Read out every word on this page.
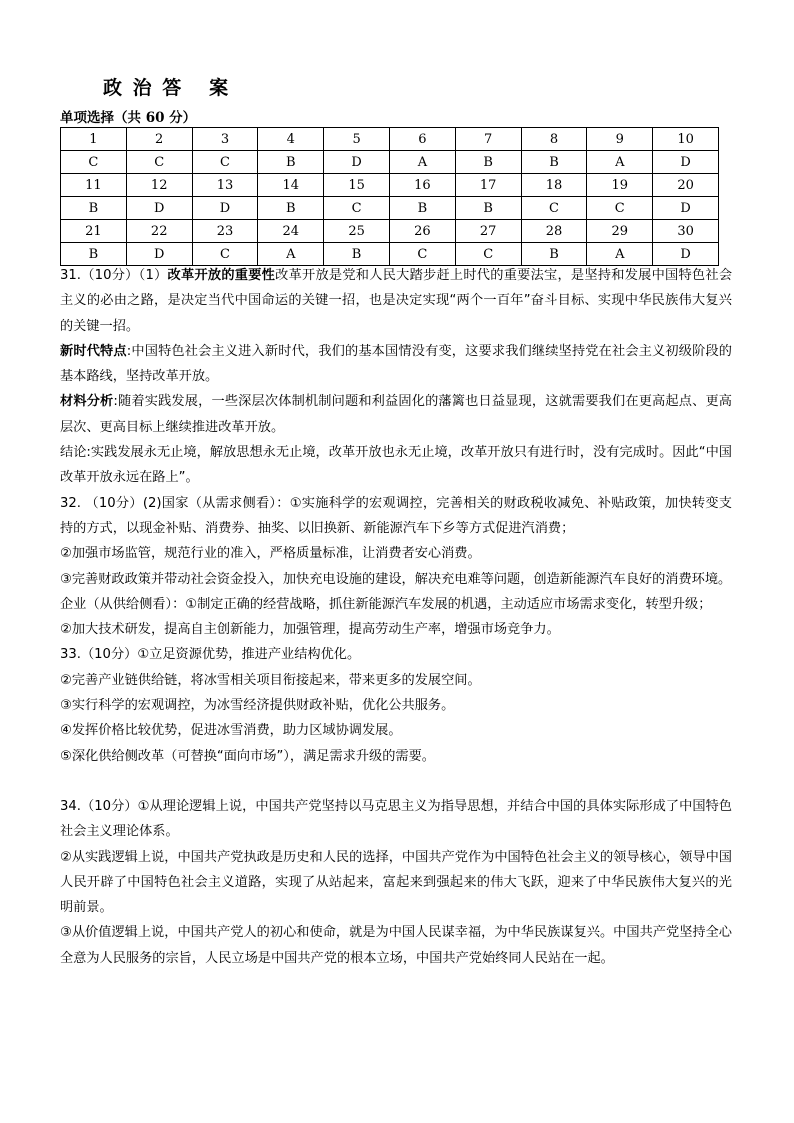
政 治 答   案
单项选择（共 60 分）
1	2	3	4	5	6	7	8	9	10
C	C	C	B	D	A	B	B	A	D
11	12	13	14	15	16	17	18	19	20
B	D	D	B	C	B	B	C	C	D
21	22	23	24	25	26	27	28	29	30
B	D	C	A	B	C	C	B	A	D

31.（10分）（1）改革开放的重要性改革开放是党和人民大踏步赶上时代的重要法宝，是坚持和发展中国特色社会主义的必由之路，是决定当代中国命运的关键一招，也是决定实现“两个一百年”奋斗目标、实现中华民族伟大复兴的关键一招。

新时代特点:中国特色社会主义进入新时代，我们的基本国情没有变，这要求我们继续坚持党在社会主义初级阶段的基本路线，坚持改革开放。

材料分析:随着实践发展，一些深层次体制机制问题和利益固化的藩篱也日益显现，这就需要我们在更高起点、更高层次、更高目标上继续推进改革开放。

结论:实践发展永无止境，解放思想永无止境，改革开放也永无止境，改革开放只有进行时，没有完成时。因此“中国改革开放永远在路上”。

32. （10分）(2)国家（从需求侧看）：①实施科学的宏观调控，完善相关的财政税收减免、补贴政策，加快转变支持的方式，以现金补贴、消费券、抽奖、以旧换新、新能源汽车下乡等方式促进汽消费；

②加强市场监管，规范行业的准入，严格质量标准，让消费者安心消费。

③完善财政政策并带动社会资金投入，加快充电设施的建设，解决充电难等问题，创造新能源汽车良好的消费环境。

企业（从供给侧看）：①制定正确的经营战略，抓住新能源汽车发展的机遇，主动适应市场需求变化，转型升级；

②加大技术研发，提高自主创新能力，加强管理，提高劳动生产率，增强市场竞争力。

33.（10分）①立足资源优势，推进产业结构优化。

②完善产业链供给链，将冰雪相关项目衔接起来，带来更多的发展空间。

③实行科学的宏观调控，为冰雪经济提供财政补贴，优化公共服务。

④发挥价格比较优势，促进冰雪消费，助力区域协调发展。

⑤深化供给侧改革（可替换“面向市场”），满足需求升级的需要。

34.（10分）①从理论逻辑上说，中国共产党坚持以马克思主义为指导思想，并结合中国的具体实际形成了中国特色社会主义理论体系。

②从实践逻辑上说，中国共产党执政是历史和人民的选择，中国共产党作为中国特色社会主义的领导核心，领导中国人民开辟了中国特色社会主义道路，实现了从站起来，富起来到强起来的伟大飞跃，迎来了中华民族伟大复兴的光明前景。

③从价值逻辑上说，中国共产党人的初心和使命，就是为中国人民谋幸福，为中华民族谋复兴。中国共产党坚持全心全意为人民服务的宗旨，人民立场是中国共产党的根本立场，中国共产党始终同人民站在一起。
